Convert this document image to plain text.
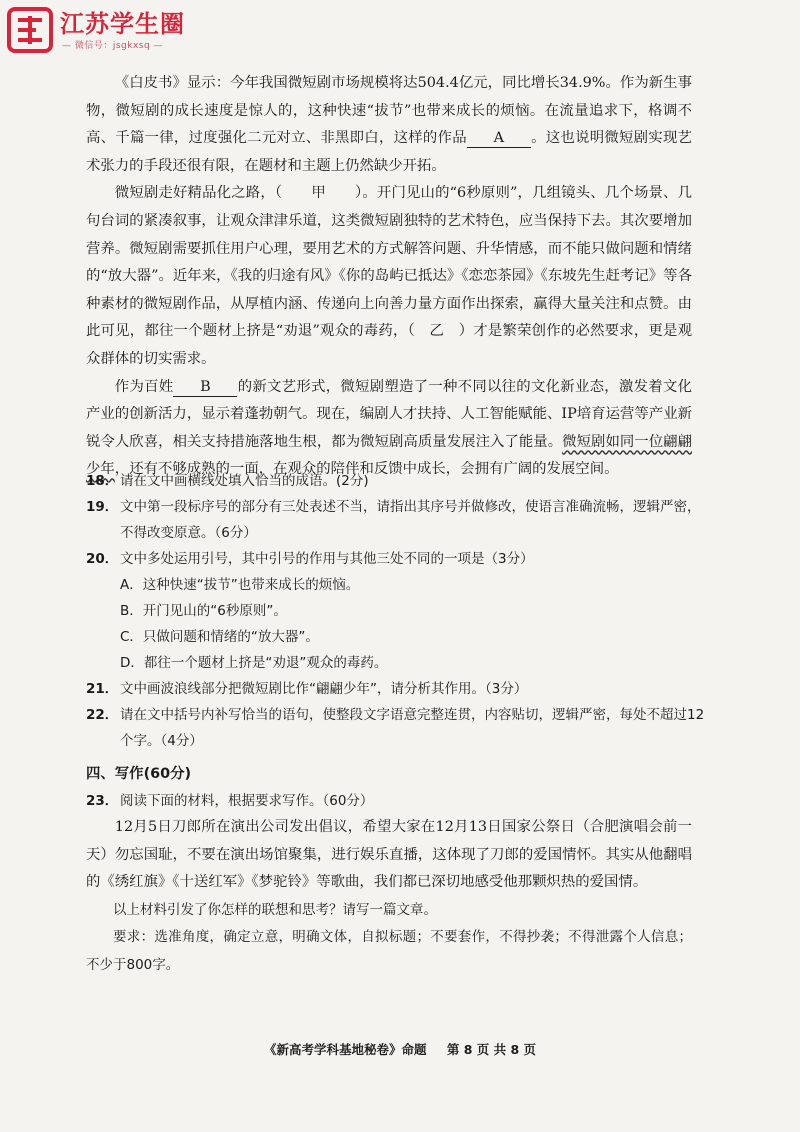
江苏学生圈
— 微信号：jsgkxsq —

《白皮书》显示：今年我国微短剧市场规模将达504.4亿元，同比增长34.9%。作为新生事物，微短剧的成长速度是惊人的，这种快速“拔节”也带来成长的烦恼。在流量追求下，格调不高、千篇一律，过度强化二元对立、非黑即白，这样的作品 A 。这也说明微短剧实现艺术张力的手段还很有限，在题材和主题上仍然缺少开拓。

微短剧走好精品化之路，（　　甲　　）。开门见山的“6秒原则”，几组镜头、几个场景、几句台词的紧凑叙事，让观众津津乐道，这类微短剧独特的艺术特色，应当保持下去。其次要增加营养。微短剧需要抓住用户心理，要用艺术的方式解答问题、升华情感，而不能只做问题和情绪的“放大器”。近年来，《我的归途有风》《你的岛屿已抵达》《恋恋茶园》《东坡先生赶考记》等各种素材的微短剧作品，从厚植内涵、传递向上向善力量方面作出探索，赢得大量关注和点赞。由此可见，都往一个题材上挤是“劝退”观众的毒药，（　乙　）才是繁荣创作的必然要求，更是观众群体的切实需求。

作为百姓 B 的新文艺形式，微短剧塑造了一种不同以往的文化新业态，激发着文化产业的创新活力，显示着蓬勃朝气。现在，编剧人才扶持、人工智能赋能、IP培育运营等产业新锐令人欣喜，相关支持措施落地生根，都为微短剧高质量发展注入了能量。微短剧如同一位翩翩少年，还有不够成熟的一面，在观众的陪伴和反馈中成长，会拥有广阔的发展空间。

18． 请在文中画横线处填入恰当的成语。(2分)
19． 文中第一段标序号的部分有三处表述不当，请指出其序号并做修改，使语言准确流畅，逻辑严密，不得改变原意。（6分）
20． 文中多处运用引号，其中引号的作用与其他三处不同的一项是（3分）
A．这种快速“拔节”也带来成长的烦恼。
B．开门见山的“6秒原则”。
C．只做问题和情绪的“放大器”。
D．都往一个题材上挤是“劝退”观众的毒药。
21． 文中画波浪线部分把微短剧比作“翩翩少年”，请分析其作用。（3分）
22． 请在文中括号内补写恰当的语句，使整段文字语意完整连贯，内容贴切，逻辑严密，每处不超过12个字。（4分）
四、写作(60分)
23． 阅读下面的材料，根据要求写作。（60分）

12月5日刀郎所在演出公司发出倡议，希望大家在12月13日国家公祭日（合肥演唱会前一天）勿忘国耻，不要在演出场馆聚集，进行娱乐直播，这体现了刀郎的爱国情怀。其实从他翻唱的《绣红旗》《十送红军》《梦驼铃》等歌曲，我们都已深切地感受他那颗炽热的爱国情。

以上材料引发了你怎样的联想和思考？请写一篇文章。

要求：选准角度，确定立意，明确文体，自拟标题；不要套作，不得抄袭；不得泄露个人信息；不少于800字。

《新高考学科基地秘卷》命题 第 8 页 共 8 页
